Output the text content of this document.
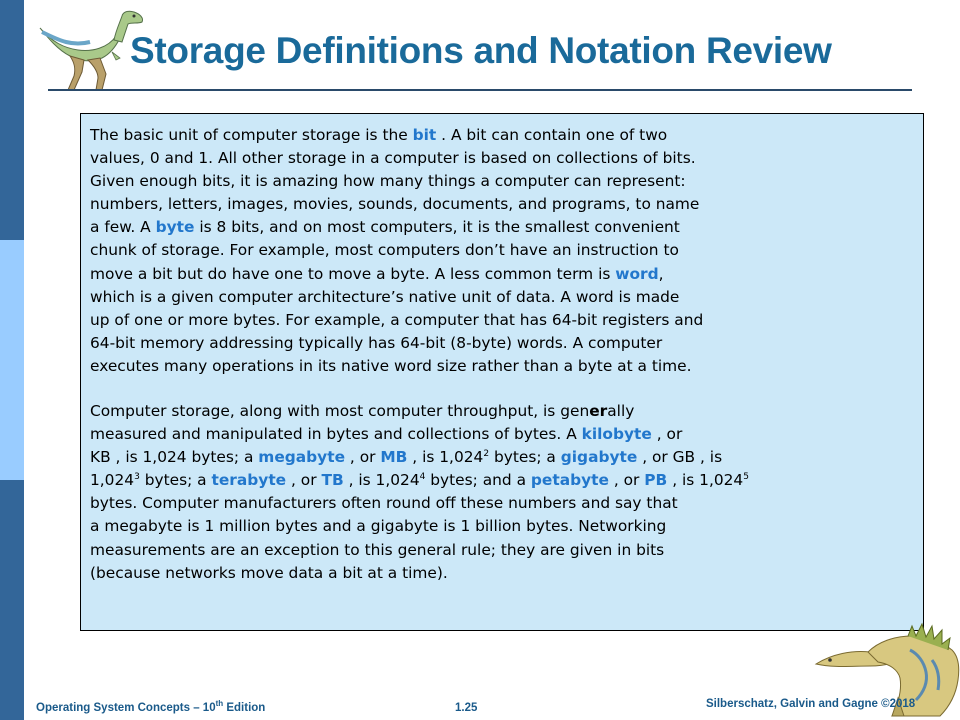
Storage Definitions and Notation Review

The basic unit of computer storage is the bit . A bit can contain one of two
values, 0 and 1. All other storage in a computer is based on collections of bits.
Given enough bits, it is amazing how many things a computer can represent:
numbers, letters, images, movies, sounds, documents, and programs, to name
a few. A byte is 8 bits, and on most computers, it is the smallest convenient
chunk of storage. For example, most computers don’t have an instruction to
move a bit but do have one to move a byte. A less common term is word,
which is a given computer architecture’s native unit of data. A word is made
up of one or more bytes. For example, a computer that has 64-bit registers and
64-bit memory addressing typically has 64-bit (8-byte) words. A computer
executes many operations in its native word size rather than a byte at a time.

Computer storage, along with most computer throughput, is generally
measured and manipulated in bytes and collections of bytes. A kilobyte , or
KB , is 1,024 bytes; a megabyte , or MB , is 1,024$^2$ bytes; a gigabyte , or GB , is
1,024$^3$ bytes; a terabyte , or TB , is 1,024$^4$ bytes; and a petabyte , or PB , is 1,024$^5$
bytes. Computer manufacturers often round off these numbers and say that
a megabyte is 1 million bytes and a gigabyte is 1 billion bytes. Networking
measurements are an exception to this general rule; they are given in bits
(because networks move data a bit at a time).

Operating System Concepts – 10th Edition	1.25	Silberschatz, Galvin and Gagne ©2018
